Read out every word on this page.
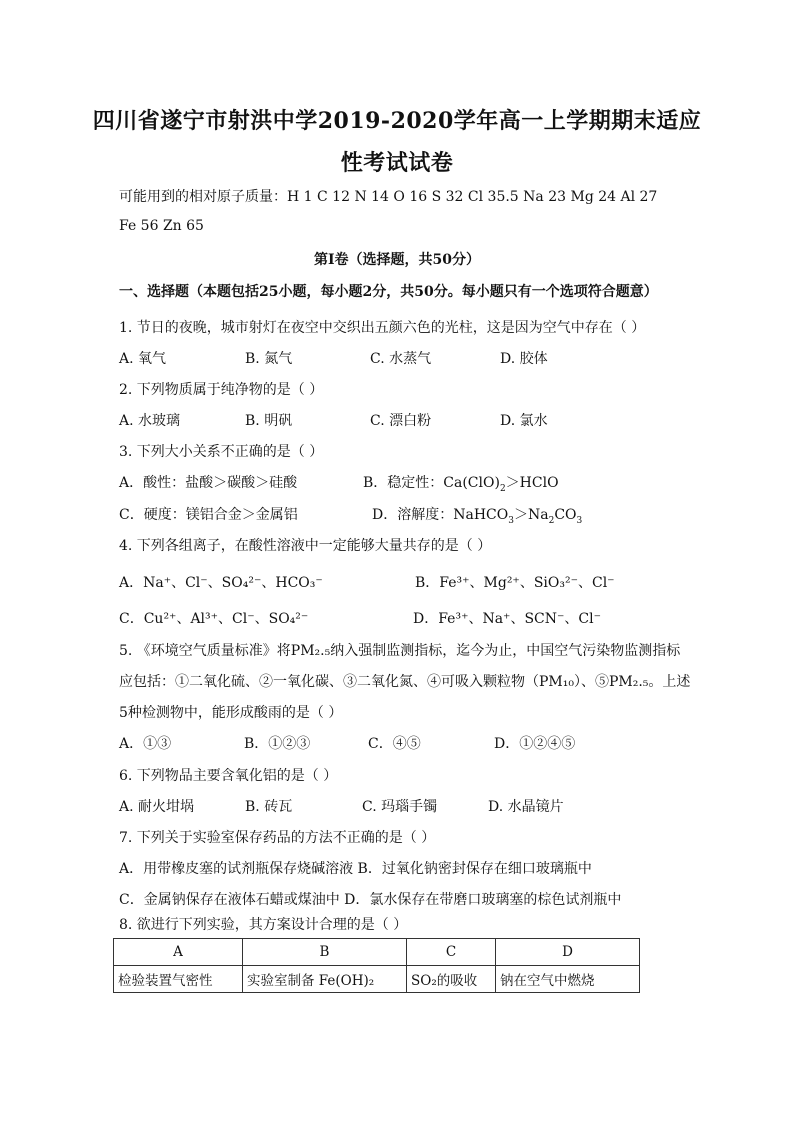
四川省遂宁市射洪中学2019-2020学年高一上学期期末适应
性考试试卷
可能用到的相对原子质量：H 1 C 12 N 14 O 16 S 32 Cl 35.5 Na 23 Mg 24 Al 27
Fe 56 Zn 65
第Ⅰ卷（选择题，共50分）
一、选择题（本题包括25小题，每小题2分，共50分。每小题只有一个选项符合题意）
1. 节日的夜晚，城市射灯在夜空中交织出五颜六色的光柱，这是因为空气中存在（ ）
A. 氧气	B. 氮气	C. 水蒸气	D. 胶体
2. 下列物质属于纯净物的是（ ）
A. 水玻璃	B. 明矾	C. 漂白粉	D. 氯水
3. 下列大小关系不正确的是（ ）
A．酸性：盐酸＞碳酸＞硅酸	B．稳定性：$Ca(ClO)_2>HClO$
C．硬度：镁铝合金＞金属铝	D．溶解度：$NaHCO_3>Na_2CO_3$
4. 下列各组离子，在酸性溶液中一定能够大量共存的是（ ）
A．Na⁺、Cl⁻、SO₄²⁻、HCO₃⁻	B．Fe³⁺、Mg²⁺、SiO₃²⁻、Cl⁻
C．Cu²⁺、Al³⁺、Cl⁻、SO₄²⁻	D．Fe³⁺、Na⁺、SCN⁻、Cl⁻
5. 《环境空气质量标准》将PM₂.₅纳入强制监测指标，迄今为止，中国空气污染物监测指标
应包括：①二氧化硫、②一氧化碳、③二氧化氮、④可吸入颗粒物（PM₁₀）、⑤PM₂.₅。上述
5种检测物中，能形成酸雨的是（ ）
A．①③	B．①②③	C．④⑤	D．①②④⑤
6. 下列物品主要含氧化铝的是（ ）
A. 耐火坩埚	B. 砖瓦	C. 玛瑙手镯	D. 水晶镜片
7. 下列关于实验室保存药品的方法不正确的是（ ）
A．用带橡皮塞的试剂瓶保存烧碱溶液 B．过氧化钠密封保存在细口玻璃瓶中
C．金属钠保存在液体石蜡或煤油中 D．氯水保存在带磨口玻璃塞的棕色试剂瓶中
8. 欲进行下列实验，其方案设计合理的是（ ）
A	B	C	D
检验装置气密性	实验室制备 Fe(OH)₂	SO₂的吸收	钠在空气中燃烧
